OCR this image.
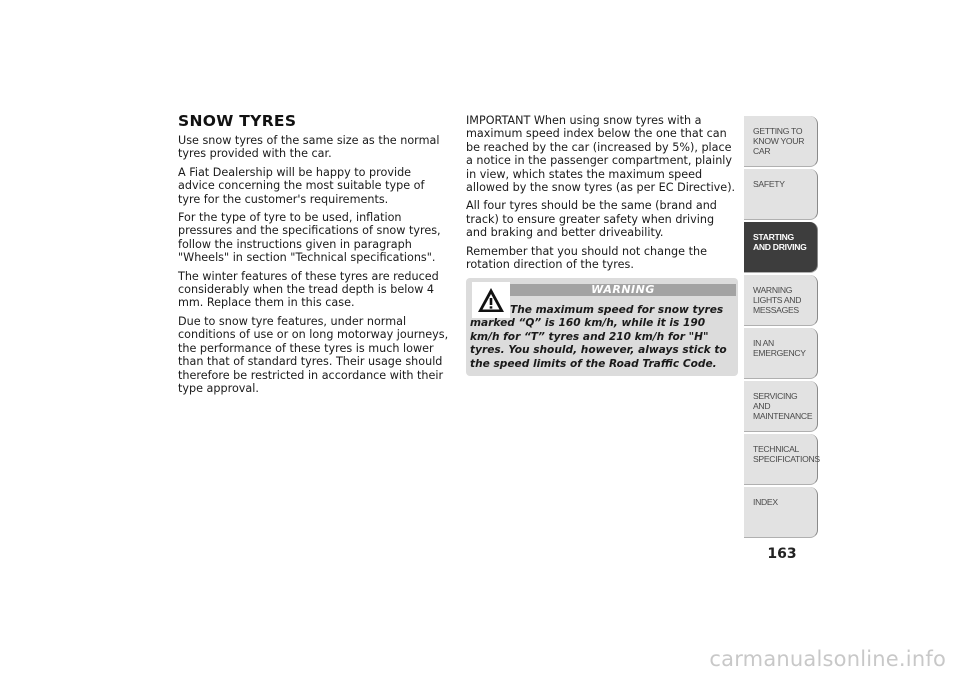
SNOW TYRES

Use snow tyres of the same size as the normal tyres provided with the car.

A Fiat Dealership will be happy to provide advice concerning the most suitable type of tyre for the customer's requirements.

For the type of tyre to be used, inflation pressures and the specifications of snow tyres, follow the instructions given in paragraph "Wheels" in section "Technical specifications".

The winter features of these tyres are reduced considerably when the tread depth is below 4 mm. Replace them in this case.

Due to snow tyre features, under normal conditions of use or on long motorway journeys, the performance of these tyres is much lower than that of standard tyres. Their usage should therefore be restricted in accordance with their type approval.

IMPORTANT When using snow tyres with a maximum speed index below the one that can be reached by the car (increased by 5%), place a notice in the passenger compartment, plainly in view, which states the maximum speed allowed by the snow tyres (as per EC Directive).

All four tyres should be the same (brand and track) to ensure greater safety when driving and braking and better driveability.

Remember that you should not change the rotation direction of the tyres.

WARNING

The maximum speed for snow tyres marked “Q” is 160 km/h, while it is 190 km/h for “T” tyres and 210 km/h for "H" tyres. You should, however, always stick to the speed limits of the Road Traffic Code.

GETTING TO KNOW YOUR CAR
SAFETY
STARTING AND DRIVING
WARNING LIGHTS AND MESSAGES
IN AN EMERGENCY
SERVICING AND MAINTENANCE
TECHNICAL SPECIFICATIONS
INDEX
163
carmanualsonline.info
